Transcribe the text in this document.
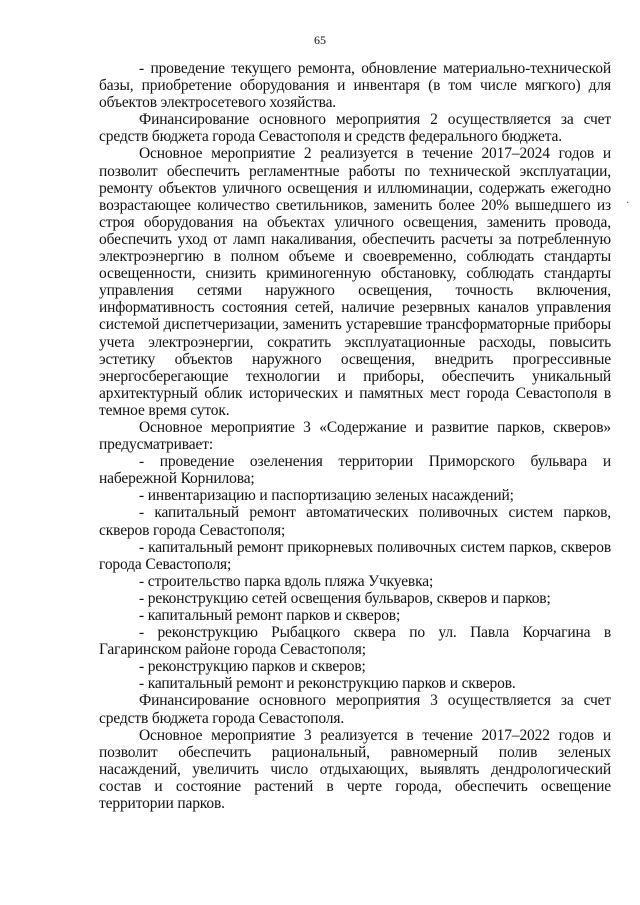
65
·

- проведение текущего ремонта, обновление материально-технической базы, приобретение оборудования и инвентаря (в том числе мягкого) для объектов электросетевого хозяйства.

Финансирование основного мероприятия 2 осуществляется за счет средств бюджета города Севастополя и средств федерального бюджета.

Основное мероприятие 2 реализуется в течение 2017–2024 годов и позволит обеспечить регламентные работы по технической эксплуатации, ремонту объектов уличного освещения и иллюминации, содержать ежегодно возрастающее количество светильников, заменить более 20% вышедшего из строя оборудования на объектах уличного освещения, заменить провода, обеспечить уход от ламп накаливания, обеспечить расчеты за потребленную электроэнергию в полном объеме и своевременно, соблюдать стандарты освещенности, снизить криминогенную обстановку, соблюдать стандарты управления сетями наружного освещения, точность включения, информативность состояния сетей, наличие резервных каналов управления системой диспетчеризации, заменить устаревшие трансформаторные приборы учета электроэнергии, сократить эксплуатационные расходы, повысить эстетику объектов наружного освещения, внедрить прогрессивные энергосберегающие технологии и приборы, обеспечить уникальный архитектурный облик исторических и памятных мест города Севастополя в темное время суток.

Основное мероприятие 3 «Содержание и развитие парков, скверов» предусматривает:

- проведение озеленения территории Приморского бульвара и набережной Корнилова;

- инвентаризацию и паспортизацию зеленых насаждений;

- капитальный ремонт автоматических поливочных систем парков, скверов города Севастополя;

- капитальный ремонт прикорневых поливочных систем парков, скверов города Севастополя;

- строительство парка вдоль пляжа Учкуевка;

- реконструкцию сетей освещения бульваров, скверов и парков;

- капитальный ремонт парков и скверов;

- реконструкцию Рыбацкого сквера по ул. Павла Корчагина в Гагаринском районе города Севастополя;

- реконструкцию парков и скверов;

- капитальный ремонт и реконструкцию парков и скверов.

Финансирование основного мероприятия 3 осуществляется за счет средств бюджета города Севастополя.

Основное мероприятие 3 реализуется в течение 2017–2022 годов и позволит обеспечить рациональный, равномерный полив зеленых насаждений, увеличить число отдыхающих, выявлять дендрологический состав и состояние растений в черте города, обеспечить освещение территории парков.
